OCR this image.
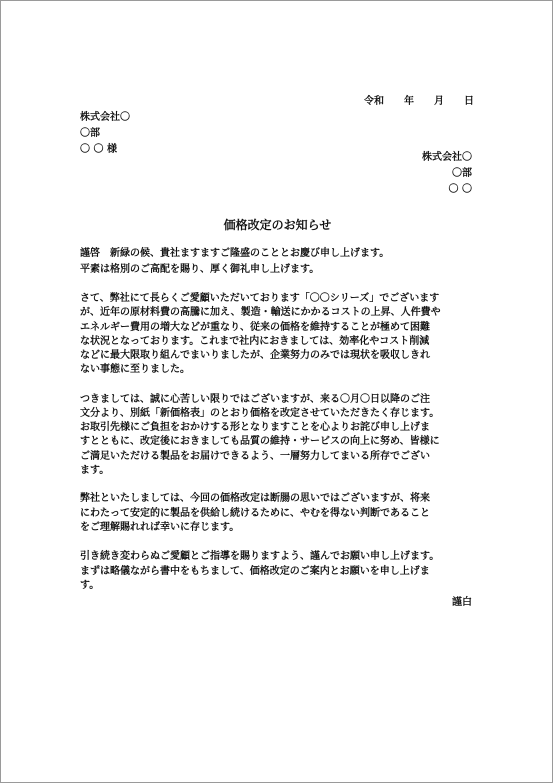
令和　　年　　月　　日
株式会社〇
〇部
〇 〇 様
株式会社〇
〇部
〇 〇
価格改定のお知らせ
謹啓　新緑の候、貴社ますますご隆盛のこととお慶び申し上げます。
平素は格別のご高配を賜り、厚く御礼申し上げます。
さて、弊社にて長らくご愛顧いただいております「〇〇シリーズ」でございます
が、近年の原材料費の高騰に加え、製造・輸送にかかるコストの上昇、人件費や
エネルギー費用の増大などが重なり、従来の価格を維持することが極めて困難
な状況となっております。これまで社内におきましては、効率化やコスト削減
などに最大限取り組んでまいりましたが、企業努力のみでは現状を吸収しきれ
ない事態に至りました。
つきましては、誠に心苦しい限りではございますが、来る〇月〇日以降のご注
文分より、別紙「新価格表」のとおり価格を改定させていただきたく存じます。
お取引先様にご負担をおかけする形となりますことを心よりお詫び申し上げま
すとともに、改定後におきましても品質の維持・サービスの向上に努め、皆様に
ご満足いただける製品をお届けできるよう、一層努力してまいる所存でござい
ます。
弊社といたしましては、今回の価格改定は断腸の思いではございますが、将来
にわたって安定的に製品を供給し続けるために、やむを得ない判断であること
をご理解賜れれば幸いに存じます。
引き続き変わらぬご愛顧とご指導を賜りますよう、謹んでお願い申し上げます。
まずは略儀ながら書中をもちまして、価格改定のご案内とお願いを申し上げま
す。
謹白
